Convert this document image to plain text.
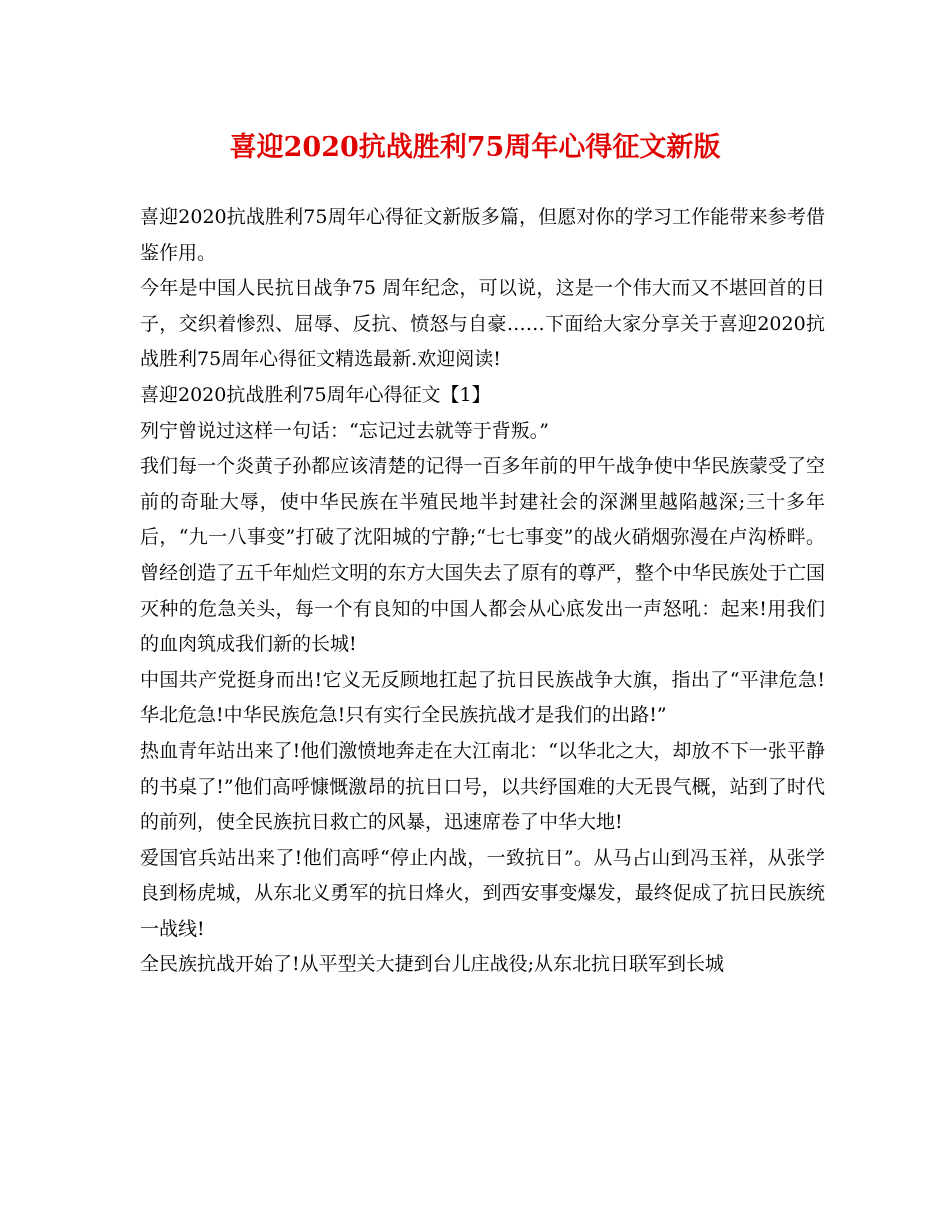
喜迎2020抗战胜利75周年心得征文新版

喜迎2020抗战胜利75周年心得征文新版多篇，但愿对你的学习工作能带来参考借鉴作用。

今年是中国人民抗日战争75 周年纪念，可以说，这是一个伟大而又不堪回首的日子，交织着惨烈、屈辱、反抗、愤怒与自豪……下面给大家分享关于喜迎2020抗战胜利75周年心得征文精选最新.欢迎阅读!

喜迎2020抗战胜利75周年心得征文【1】

列宁曾说过这样一句话：“忘记过去就等于背叛。”

我们每一个炎黄子孙都应该清楚的记得一百多年前的甲午战争使中华民族蒙受了空前的奇耻大辱，使中华民族在半殖民地半封建社会的深渊里越陷越深;三十多年后，“九一八事变”打破了沈阳城的宁静;“七七事变”的战火硝烟弥漫在卢沟桥畔。曾经创造了五千年灿烂文明的东方大国失去了原有的尊严，整个中华民族处于亡国灭种的危急关头，每一个有良知的中国人都会从心底发出一声怒吼：起来!用我们的血肉筑成我们新的长城!

中国共产党挺身而出!它义无反顾地扛起了抗日民族战争大旗，指出了“平津危急!华北危急!中华民族危急!只有实行全民族抗战才是我们的出路!”

热血青年站出来了!他们激愤地奔走在大江南北：“以华北之大，却放不下一张平静的书桌了!”他们高呼慷慨激昂的抗日口号，以共纾国难的大无畏气概，站到了时代的前列，使全民族抗日救亡的风暴，迅速席卷了中华大地!

爱国官兵站出来了!他们高呼“停止内战，一致抗日”。从马占山到冯玉祥，从张学良到杨虎城，从东北义勇军的抗日烽火，到西安事变爆发，最终促成了抗日民族统一战线!

全民族抗战开始了!从平型关大捷到台儿庄战役;从东北抗日联军到长城
